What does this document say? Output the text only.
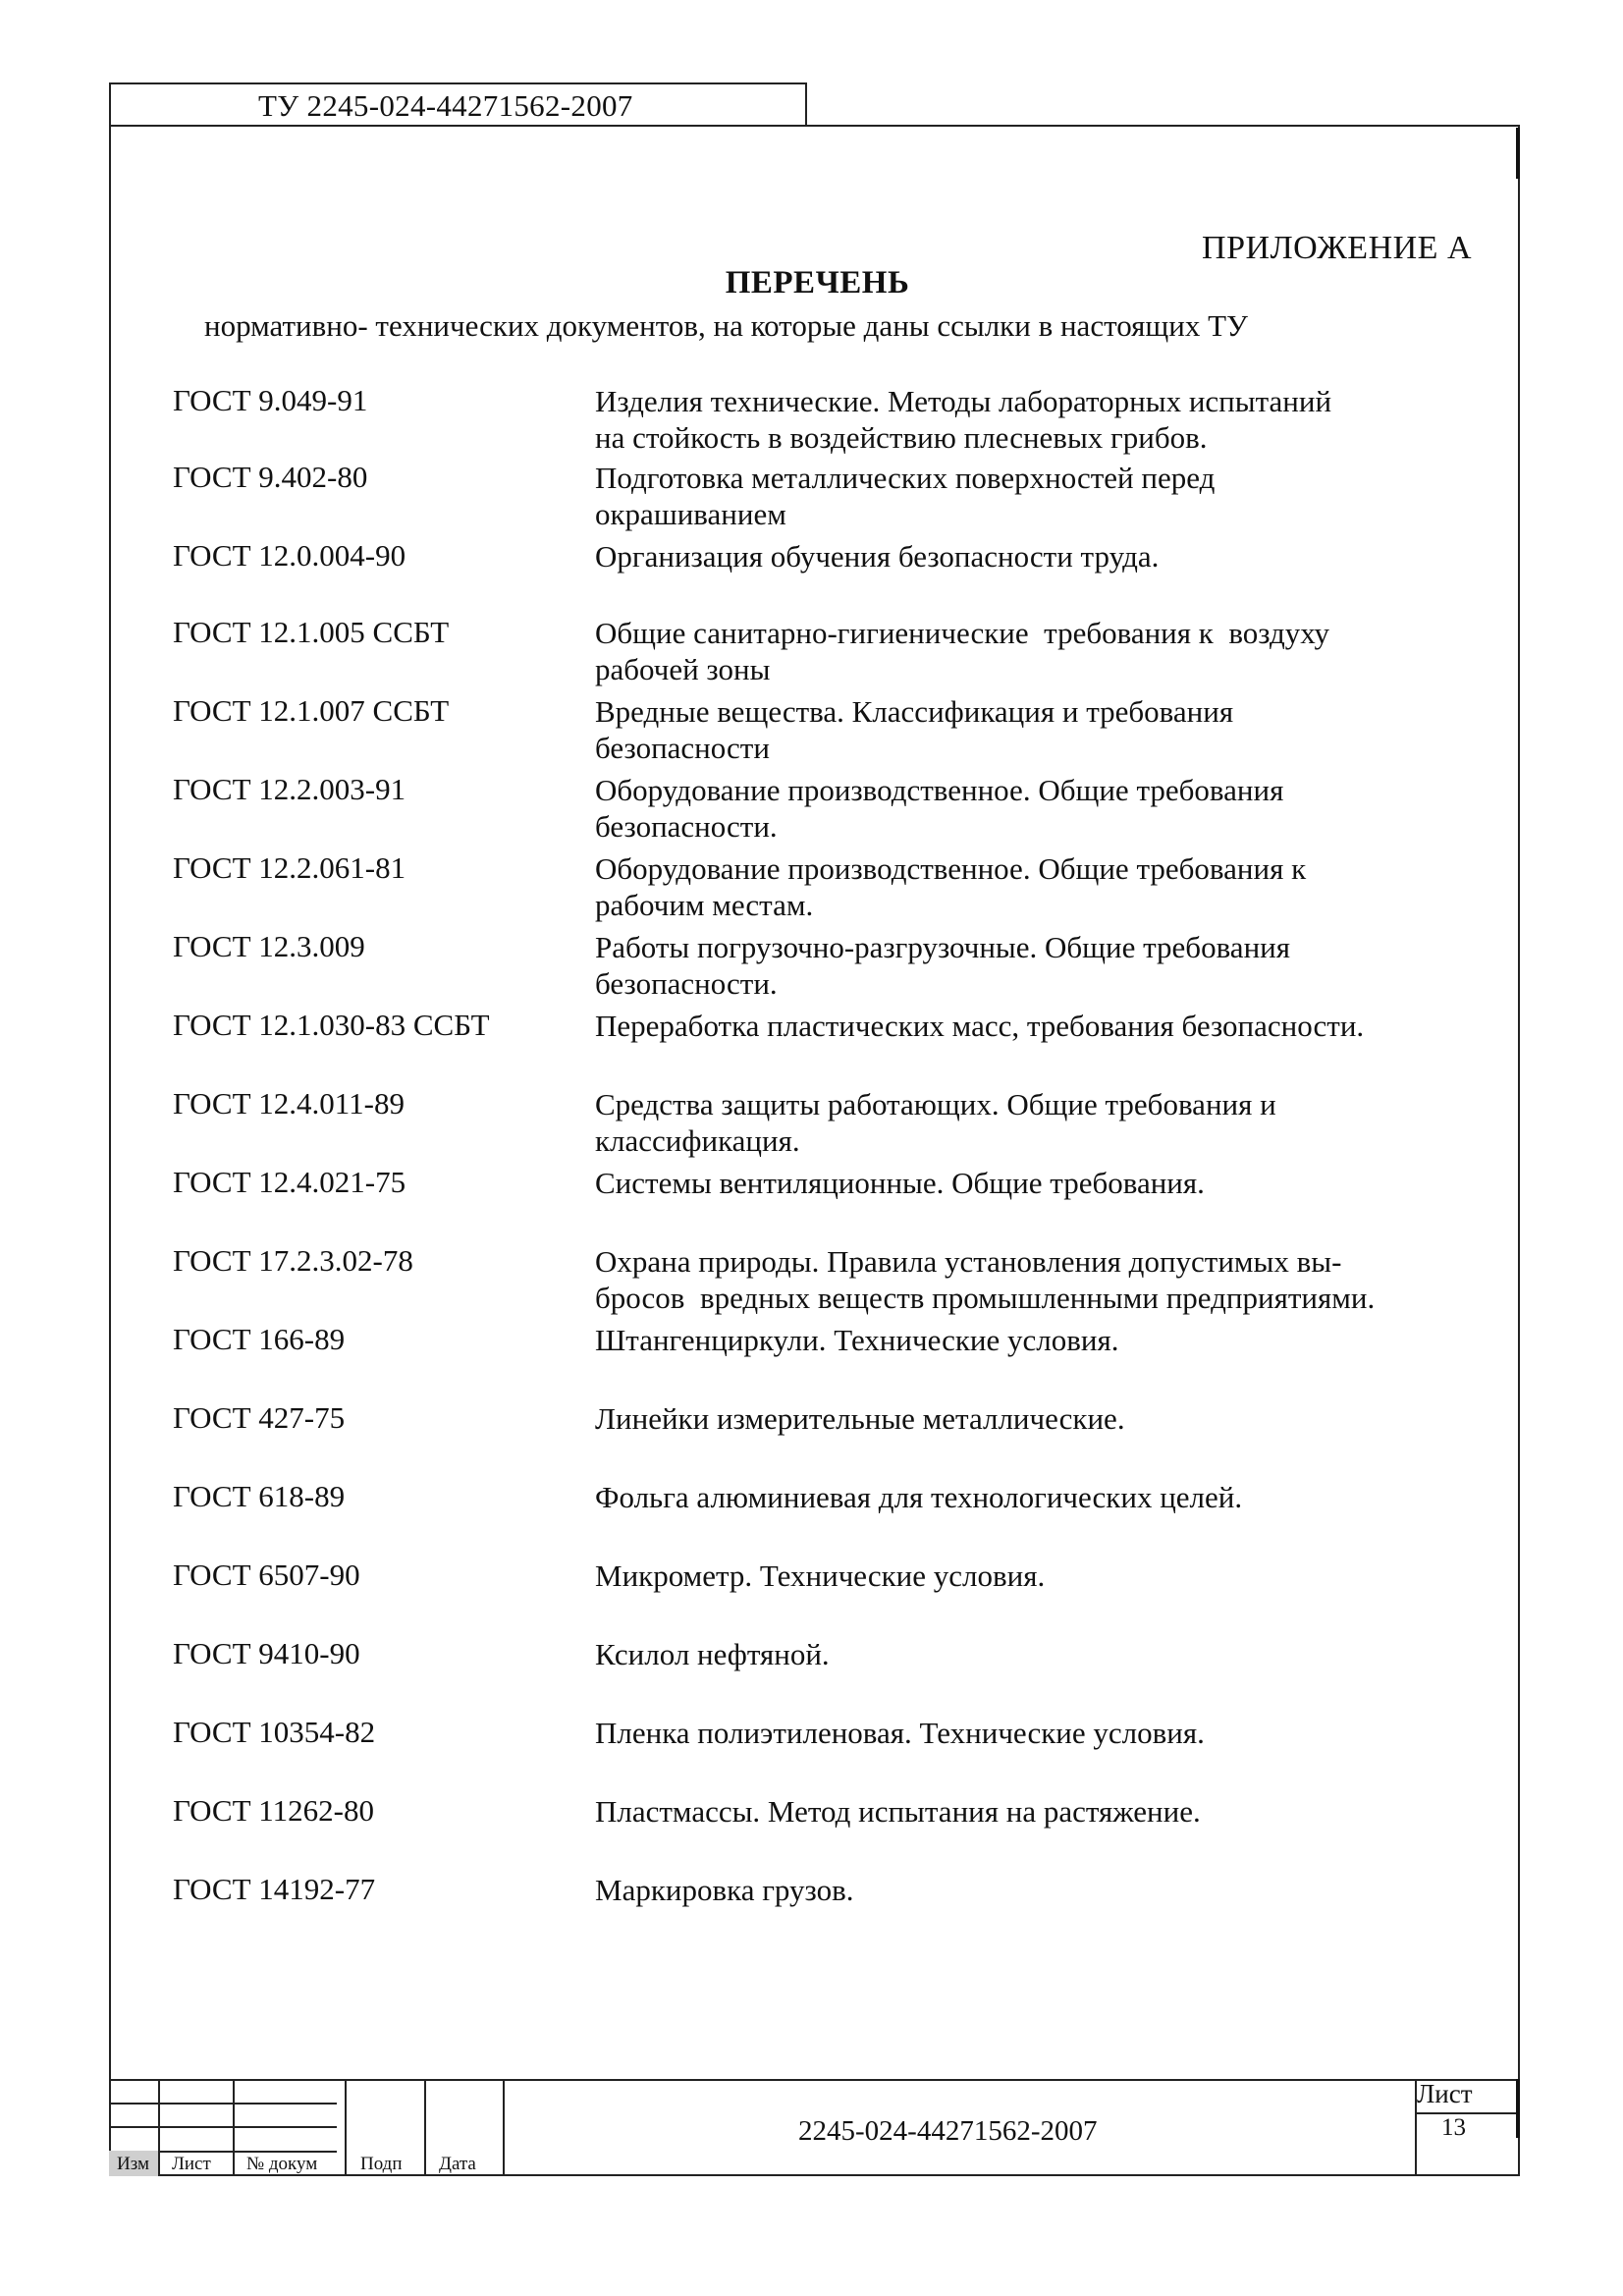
ТУ 2245-024-44271562-2007
ПРИЛОЖЕНИЕ А
ПЕРЕЧЕНЬ
нормативно- технических документов, на которые даны ссылки в настоящих ТУ
ГОСТ 9.049-91	Изделия технические. Методы лабораторных испытаний
на стойкость в воздействию плесневых грибов.
ГОСТ 9.402-80	Подготовка металлических поверхностей перед
окрашиванием
ГОСТ 12.0.004-90	Организация обучения безопасности труда.
ГОСТ 12.1.005 ССБТ	Общие санитарно-гигиенические  требования к  воздуху
рабочей зоны
ГОСТ 12.1.007 ССБТ	Вредные вещества. Классификация и требования
безопасности
ГОСТ 12.2.003-91	Оборудование производственное. Общие требования
безопасности.
ГОСТ 12.2.061-81	Оборудование производственное. Общие требования к
рабочим местам.
ГОСТ 12.3.009	Работы погрузочно-разгрузочные. Общие требования
безопасности.
ГОСТ 12.1.030-83 ССБТ	Переработка пластических масс, требования безопасности.
ГОСТ 12.4.011-89	Средства защиты работающих. Общие требования и
классификация.
ГОСТ 12.4.021-75	Системы вентиляционные. Общие требования.
ГОСТ 17.2.3.02-78	Охрана природы. Правила установления допустимых вы-
бросов  вредных веществ промышленными предприятиями.
ГОСТ 166-89	Штангенциркули. Технические условия.
ГОСТ 427-75	Линейки измерительные металлические.
ГОСТ 618-89	Фольга алюминиевая для технологических целей.
ГОСТ 6507-90	Микрометр. Технические условия.
ГОСТ 9410-90	Ксилол нефтяной.
ГОСТ 10354-82	Пленка полиэтиленовая. Технические условия.
ГОСТ 11262-80	Пластмассы. Метод испытания на растяжение.
ГОСТ 14192-77	Маркировка грузов.
Изм Лист № докум Подп Дата
2245-024-44271562-2007
Лист
13
